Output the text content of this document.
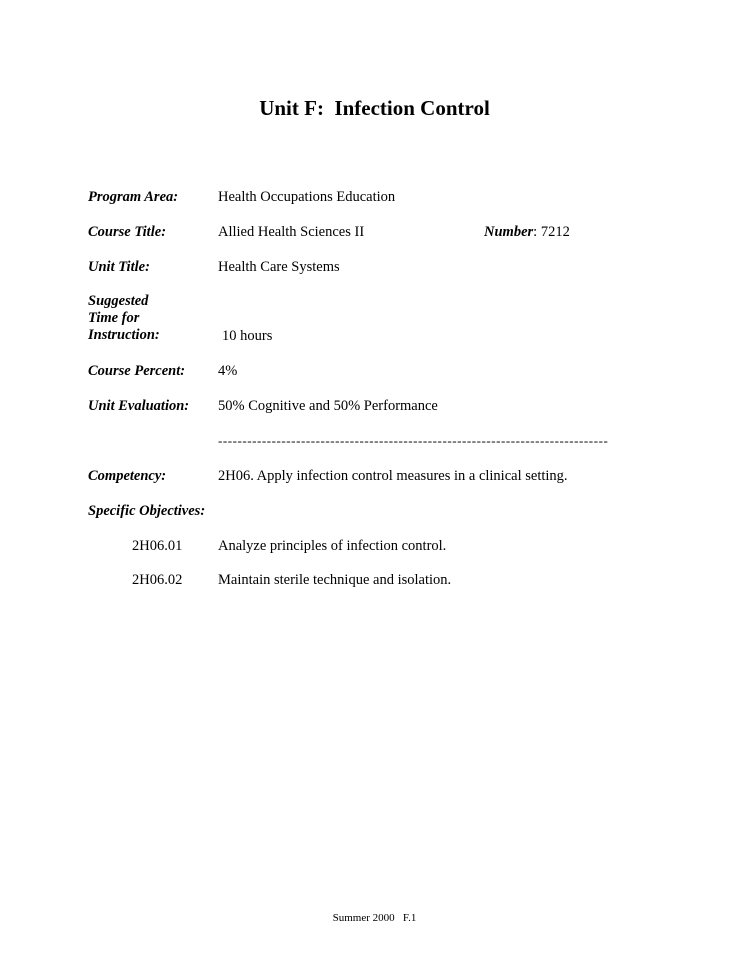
Unit F:  Infection Control
Program Area:	Health Occupations Education
Course Title:	Allied Health Sciences II	Number: 7212
Unit Title:	Health Care Systems
Suggested
Time for
Instruction:	10 hours
Course Percent: 4%
Unit Evaluation: 50% Cognitive and 50% Performance
--------------------------------------------------------------------------------
Competency:	2H06. Apply infection control measures in a clinical setting.
Specific Objectives:
2H06.01 Analyze principles of infection control.
2H06.02 Maintain sterile technique and isolation.
Summer 2000   F.1
